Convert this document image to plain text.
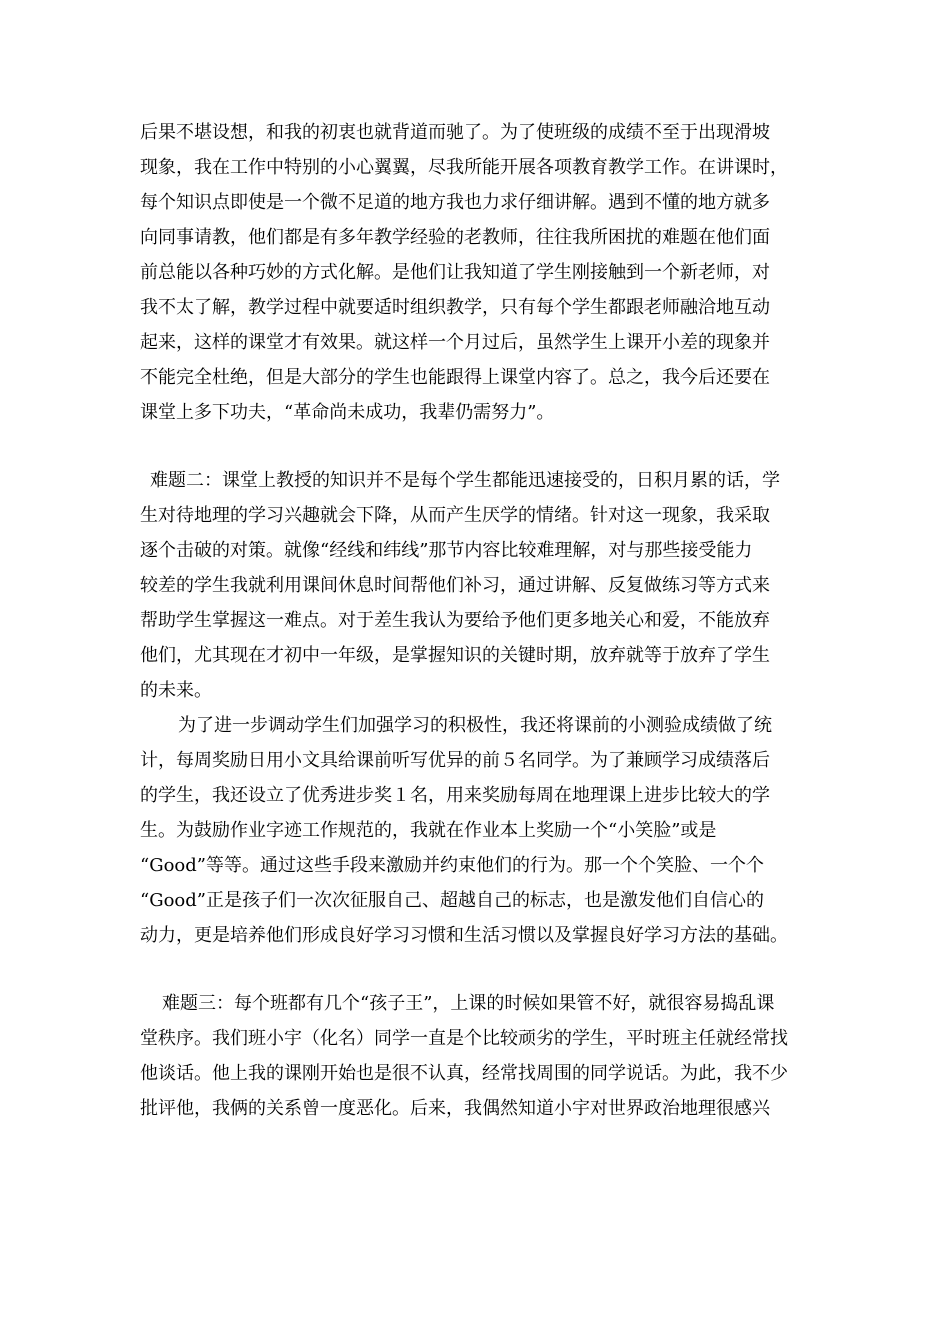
后果不堪设想，和我的初衷也就背道而驰了。为了使班级的成绩不至于出现滑坡
现象，我在工作中特别的小心翼翼，尽我所能开展各项教育教学工作。在讲课时，
每个知识点即使是一个微不足道的地方我也力求仔细讲解。遇到不懂的地方就多
向同事请教，他们都是有多年教学经验的老教师，往往我所困扰的难题在他们面
前总能以各种巧妙的方式化解。是他们让我知道了学生刚接触到一个新老师，对
我不太了解，教学过程中就要适时组织教学，只有每个学生都跟老师融洽地互动
起来，这样的课堂才有效果。就这样一个月过后，虽然学生上课开小差的现象并
不能完全杜绝，但是大部分的学生也能跟得上课堂内容了。总之，我今后还要在
课堂上多下功夫，“革命尚未成功，我辈仍需努力”。
难题二：课堂上教授的知识并不是每个学生都能迅速接受的，日积月累的话，学
生对待地理的学习兴趣就会下降，从而产生厌学的情绪。针对这一现象，我采取
逐个击破的对策。就像“经线和纬线”那节内容比较难理解，对与那些接受能力
较差的学生我就利用课间休息时间帮他们补习，通过讲解、反复做练习等方式来
帮助学生掌握这一难点。对于差生我认为要给予他们更多地关心和爱，不能放弃
他们，尤其现在才初中一年级，是掌握知识的关键时期，放弃就等于放弃了学生
的未来。
为了进一步调动学生们加强学习的积极性，我还将课前的小测验成绩做了统
计，每周奖励日用小文具给课前听写优异的前５名同学。为了兼顾学习成绩落后
的学生，我还设立了优秀进步奖１名，用来奖励每周在地理课上进步比较大的学
生。为鼓励作业字迹工作规范的，我就在作业本上奖励一个“小笑脸”或是
“Good”等等。通过这些手段来激励并约束他们的行为。那一个个笑脸、一个个
“Good”正是孩子们一次次征服自己、超越自己的标志，也是激发他们自信心的
动力，更是培养他们形成良好学习习惯和生活习惯以及掌握良好学习方法的基础。
难题三：每个班都有几个“孩子王”，上课的时候如果管不好，就很容易捣乱课
堂秩序。我们班小宇（化名）同学一直是个比较顽劣的学生，平时班主任就经常找
他谈话。他上我的课刚开始也是很不认真，经常找周围的同学说话。为此，我不少
批评他，我俩的关系曾一度恶化。后来，我偶然知道小宇对世界政治地理很感兴
